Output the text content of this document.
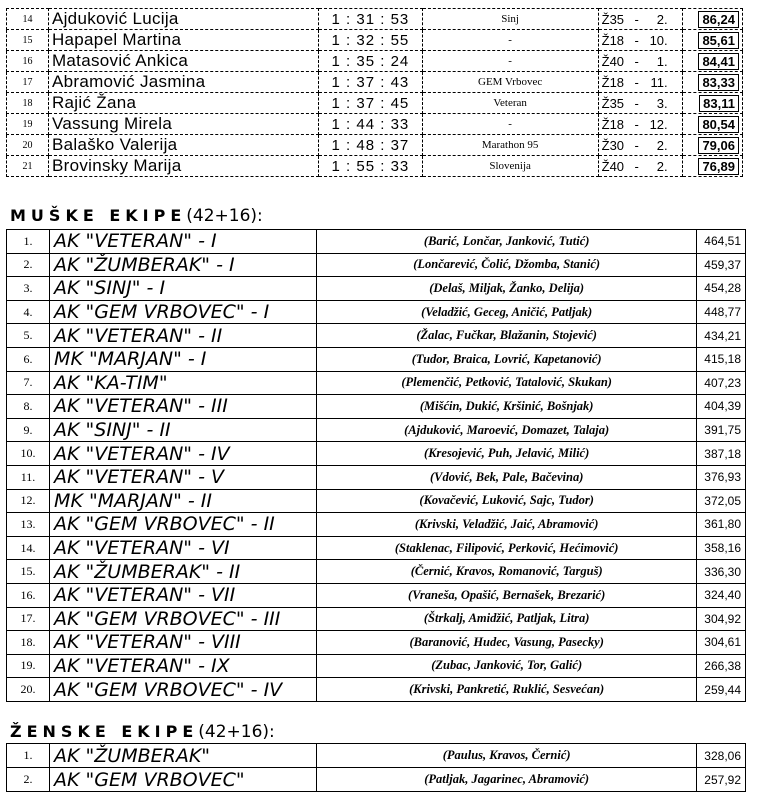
14	Ajduković Lucija	1 : 31 : 53	Sinj	Ž35 - 2.	86,24
15	Hapapel Martina	1 : 32 : 55	-	Ž18 - 10.	85,61
16	Matasović Ankica	1 : 35 : 24	-	Ž40 - 1.	84,41
17	Abramović Jasmina	1 : 37 : 43	GEM Vrbovec	Ž18 - 11.	83,33
18	Rajić Žana	1 : 37 : 45	Veteran	Ž35 - 3.	83,11
19	Vassung Mirela	1 : 44 : 33	-	Ž18 - 12.	80,54
20	Balaško Valerija	1 : 48 : 37	Marathon 95	Ž30 - 2.	79,06
21	Brovinsky Marija	1 : 55 : 33	Slovenija	Ž40 - 2.	76,89
MUŠKE EKIPE(42+16):
1.	AK "VETERAN" - I	(Barić, Lončar, Janković, Tutić)	464,51
2.	AK "ŽUMBERAK" - I	(Lončarević, Čolić, Džomba, Stanić)	459,37
3.	AK "SINJ" - I	(Delaš, Miljak, Žanko, Delija)	454,28
4.	AK "GEM VRBOVEC" - I	(Veladžić, Geceg, Aničić, Patljak)	448,77
5.	AK "VETERAN" - II	(Žalac, Fučkar, Blažanin, Stojević)	434,21
6.	MK "MARJAN" - I	(Tudor, Braica, Lovrić, Kapetanović)	415,18
7.	AK "KA-TIM"	(Plemenčić, Petković, Tatalović, Skukan)	407,23
8.	AK "VETERAN" - III	(Mišćin, Dukić, Kršinić, Bošnjak)	404,39
9.	AK "SINJ" - II	(Ajduković, Maroević, Domazet, Talaja)	391,75
10.	AK "VETERAN" - IV	(Kresojević, Puh, Jelavić, Milić)	387,18
11.	AK "VETERAN" - V	(Vdović, Bek, Pale, Bačevina)	376,93
12.	MK "MARJAN" - II	(Kovačević, Luković, Sajc, Tudor)	372,05
13.	AK "GEM VRBOVEC" - II	(Krivski, Veladžić, Jaić, Abramović)	361,80
14.	AK "VETERAN" - VI	(Staklenac, Filipović, Perković, Hećimović)	358,16
15.	AK "ŽUMBERAK" - II	(Černić, Kravos, Romanović, Targuš)	336,30
16.	AK "VETERAN" - VII	(Vraneša, Opašić, Bernašek, Brezarić)	324,40
17.	AK "GEM VRBOVEC" - III	(Štrkalj, Amidžić, Patljak, Litra)	304,92
18.	AK "VETERAN" - VIII	(Baranović, Hudec, Vasung, Pasecky)	304,61
19.	AK "VETERAN" - IX	(Zubac, Janković, Tor, Galić)	266,38
20.	AK "GEM VRBOVEC" - IV	(Krivski, Pankretić, Ruklić, Sesvećan)	259,44
ŽENSKE EKIPE(42+16):
1.	AK "ŽUMBERAK"	(Paulus, Kravos, Černić)	328,06
2.	AK "GEM VRBOVEC"	(Patljak, Jagarinec, Abramović)	257,92
